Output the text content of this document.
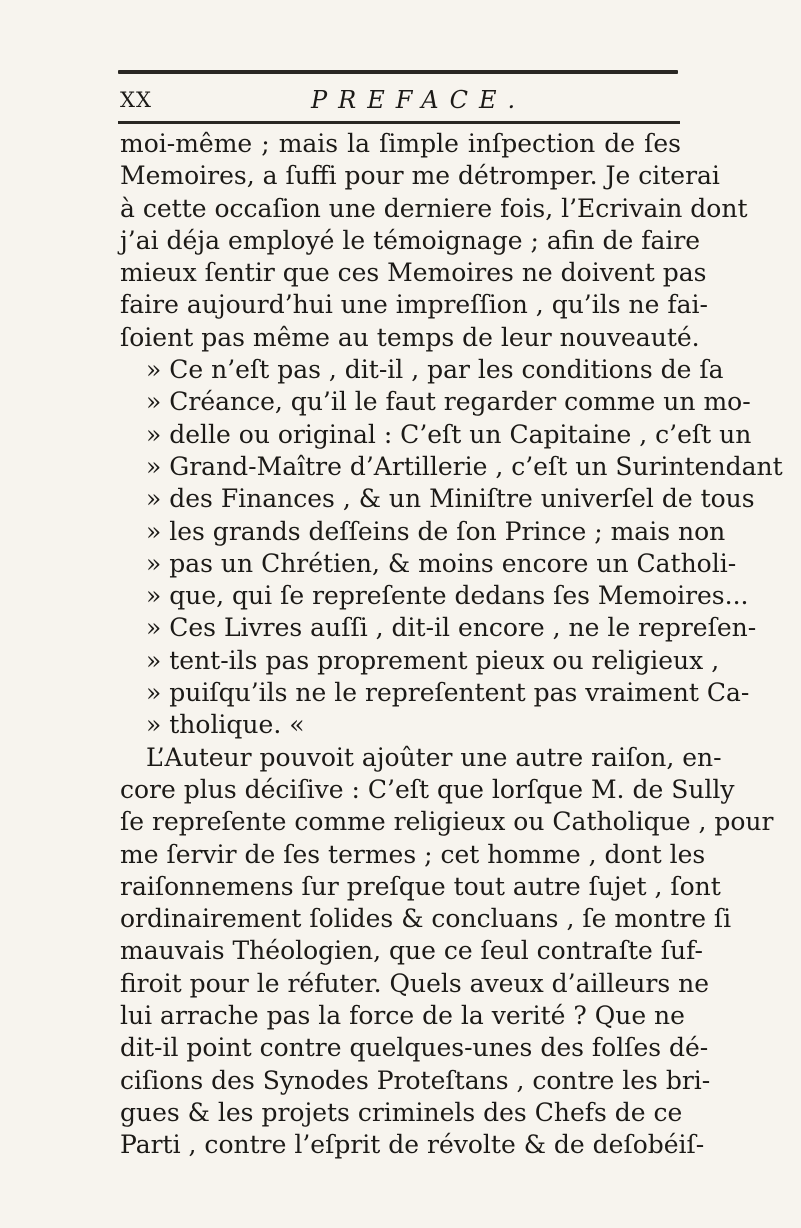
XX	PREFACE.
moi-même ; mais la ſimple inſpection de ſes
Memoires, a ſuffi pour me détromper. Je citerai
à cette occaſion une derniere fois, l’Ecrivain dont
j’ai déja employé le témoignage ; afin de faire
mieux ſentir que ces Memoires ne doivent pas
faire aujourd’hui une impreſſion , qu’ils ne fai-
ſoient pas même au temps de leur nouveauté.
» Ce n’eſt pas , dit-il , par les conditions de ſa
» Créance, qu’il le faut regarder comme un mo-
» delle ou original : C’eſt un Capitaine , c’eſt un
» Grand-Maître d’Artillerie , c’eſt un Surintendant
» des Finances , & un Miniſtre univerſel de tous
» les grands deſſeins de ſon Prince ; mais non
» pas un Chrétien, & moins encore un Catholi-
» que, qui ſe repreſente dedans ſes Memoires...
» Ces Livres auſſi , dit-il encore , ne le repreſen-
» tent-ils pas proprement pieux ou religieux ,
» puiſqu’ils ne le repreſentent pas vraiment Ca-
» tholique. «
L’Auteur pouvoit ajoûter une autre raiſon, en-
core plus déciſive : C’eſt que lorſque M. de Sully
ſe repreſente comme religieux ou Catholique , pour
me ſervir de ſes termes ; cet homme , dont les
raiſonnemens ſur preſque tout autre ſujet , ſont
ordinairement ſolides & concluans , ſe montre ſi
mauvais Théologien, que ce ſeul contraſte ſuf-
firoit pour le réfuter. Quels aveux d’ailleurs ne
lui arrache pas la force de la verité ? Que ne
dit-il point contre quelques-unes des folſes dé-
ciſions des Synodes Proteſtans , contre les bri-
gues & les projets criminels des Chefs de ce
Parti , contre l’eſprit de révolte & de deſobéiſ-
